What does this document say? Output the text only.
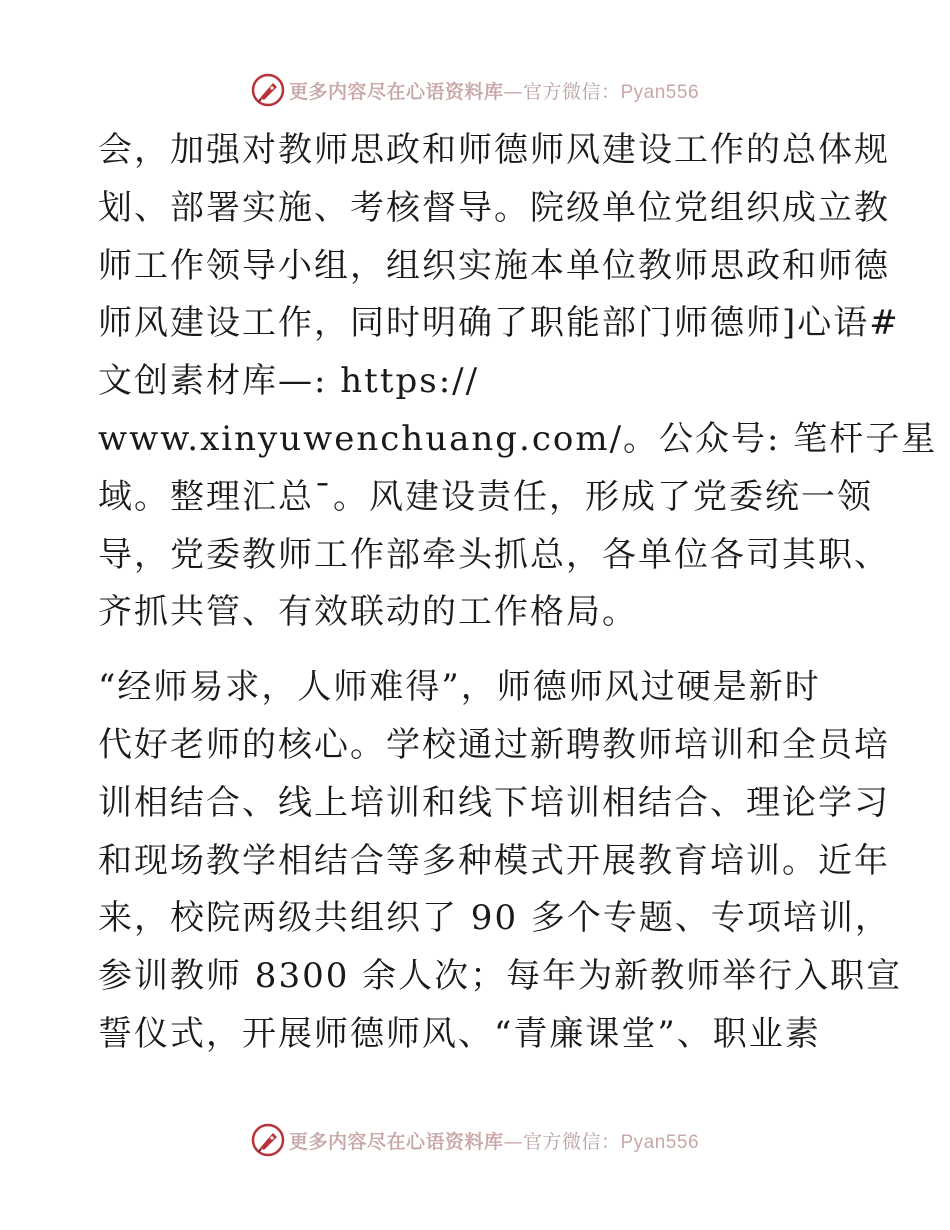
更多内容尽在心语资料库—官方微信：Pyan556
会，加强对教师思政和师德师风建设工作的总体规
划、部署实施、考核督导。院级单位党组织成立教
师工作领导小组，组织实施本单位教师思政和师德
师风建设工作，同时明确了职能部门师德师]心语#
文创素材库—: https://
www.xinyuwenchuang.com/。公众号: 笔杆子星
域。整理汇总¯。风建设责任，形成了党委统一领
导，党委教师工作部牵头抓总，各单位各司其职、
齐抓共管、有效联动的工作格局。
“经师易求，人师难得”，师德师风过硬是新时
代好老师的核心。学校通过新聘教师培训和全员培
训相结合、线上培训和线下培训相结合、理论学习
和现场教学相结合等多种模式开展教育培训。近年
来，校院两级共组织了 90 多个专题、专项培训，
参训教师 8300 余人次；每年为新教师举行入职宣
誓仪式，开展师德师风、“青廉课堂”、职业素
更多内容尽在心语资料库—官方微信：Pyan556
